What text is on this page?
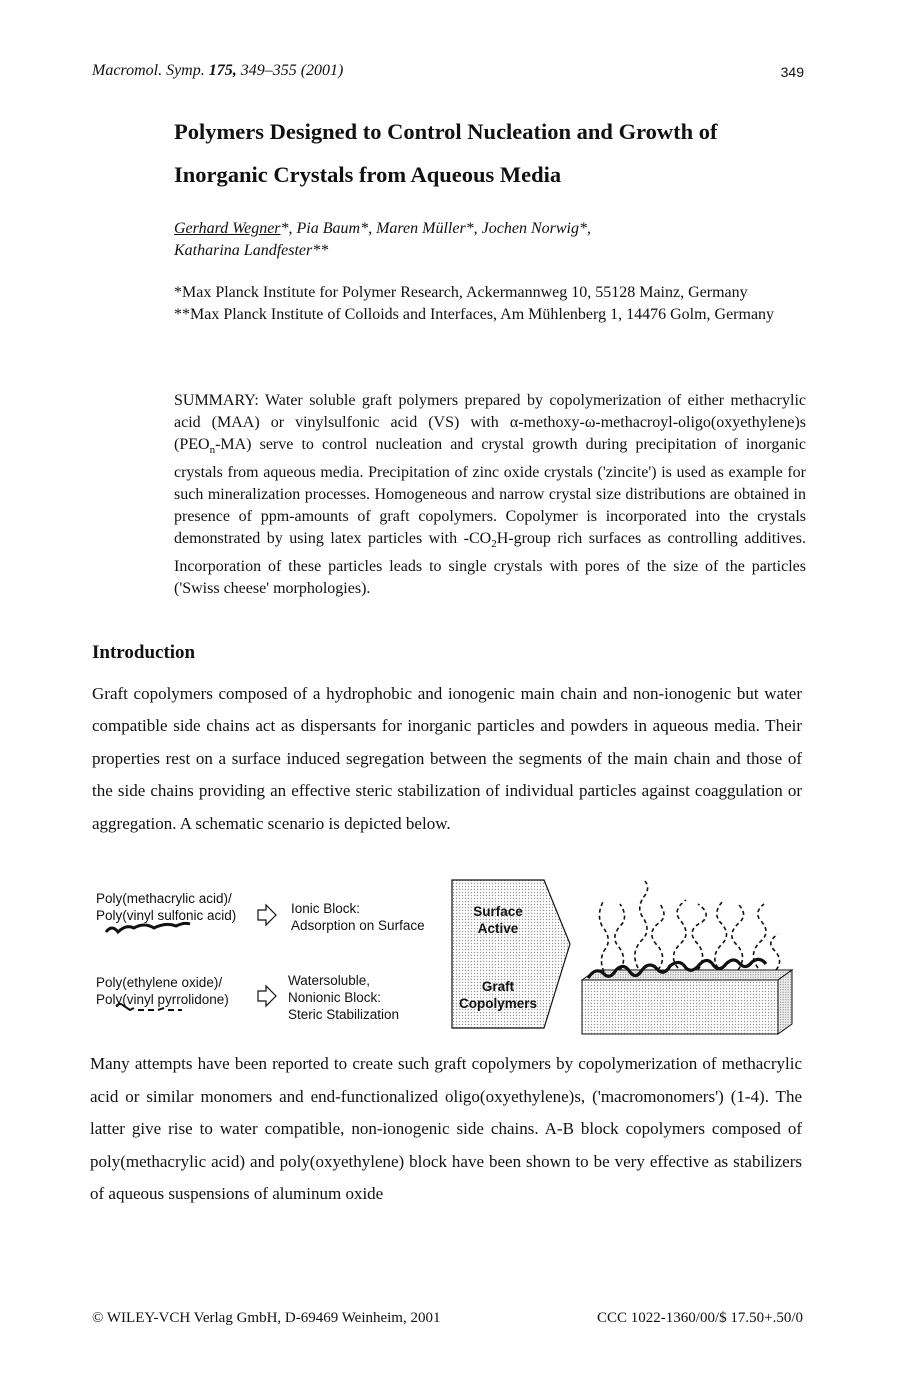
Macromol. Symp. 175, 349–355 (2001)	349
Polymers Designed to Control Nucleation and Growth of
Inorganic Crystals from Aqueous Media
Gerhard Wegner*, Pia Baum*, Maren Müller*, Jochen Norwig*,
Katharina Landfester**
*Max Planck Institute for Polymer Research, Ackermannweg 10, 55128 Mainz, Germany
**Max Planck Institute of Colloids and Interfaces, Am Mühlenberg 1, 14476 Golm, Germany
SUMMARY: Water soluble graft polymers prepared by copolymerization of either methacrylic acid (MAA) or vinylsulfonic acid (VS) with α-methoxy-ω-methacroyl-oligo(oxyethylene)s $(PEO_n-MA)$ serve to control nucleation and crystal growth during precipitation of inorganic crystals from aqueous media. Precipitation of zinc oxide crystals ('zincite') is used as example for such mineralization processes. Homogeneous and narrow crystal size distributions are obtained in presence of ppm-amounts of graft copolymers. Copolymer is incorporated into the crystals demonstrated by using latex particles with $-CO_2H$-group rich surfaces as controlling additives. Incorporation of these particles leads to single crystals with pores of the size of the particles ('Swiss cheese' morphologies).
Introduction
Graft copolymers composed of a hydrophobic and ionogenic main chain and non-ionogenic but water compatible side chains act as dispersants for inorganic particles and powders in aqueous media. Their properties rest on a surface induced segregation between the segments of the main chain and those of the side chains providing an effective steric stabilization of individual particles against coaggulation or aggregation. A schematic scenario is depicted below.
Poly(methacrylic acid)/
Poly(vinyl sulfonic acid)	Ionic Block:
Adsorption on Surface
Poly(ethylene oxide)/
Poly(vinyl pyrrolidone)
Watersoluble,
Nonionic Block:
Steric Stabilization
Surface
Active
Graft
Copolymers
Many attempts have been reported to create such graft copolymers by copolymerization of methacrylic acid or similar monomers and end-functionalized oligo(oxyethylene)s, ('macromonomers') (1-4). The latter give rise to water compatible, non-ionogenic side chains. A-B block copolymers composed of poly(methacrylic acid) and poly(oxyethylene) block have been shown to be very effective as stabilizers of aqueous suspensions of aluminum oxide
© WILEY-VCH Verlag GmbH, D-69469 Weinheim, 2001	CCC 1022-1360/00/$ 17.50+.50/0
